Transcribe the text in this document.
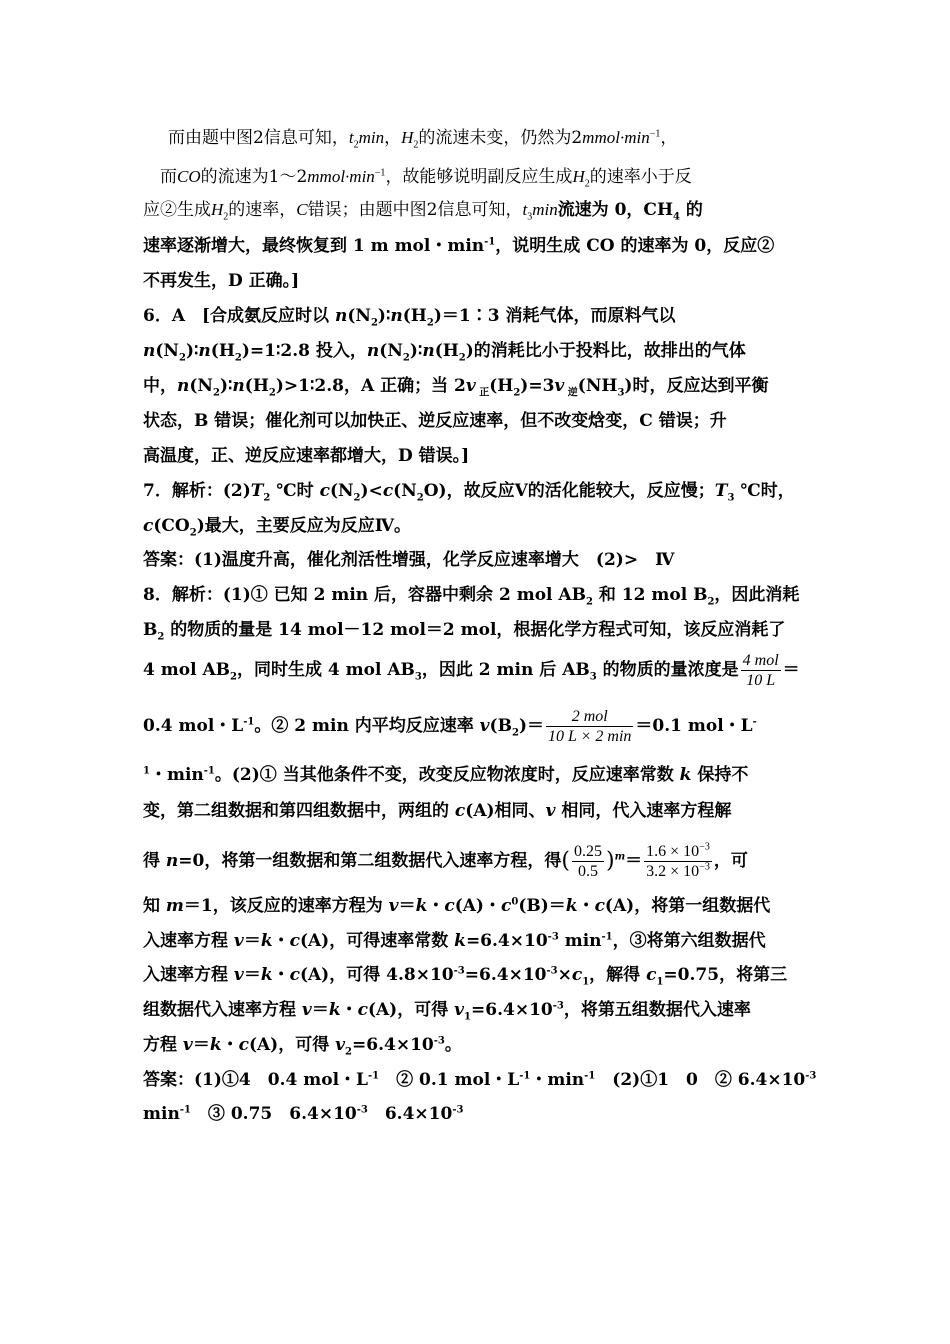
而由题中图2信息可知，$t_2\min$，$H_2$的流速未变，仍然为$2mmol\cdot\min^{-1}$，
而CO的流速为$1\sim 2mmol\cdot\min^{-1}$，故能够说明副反应生成$H_2$的速率小于反
应②生成$H_2$的速率，C错误；由题中图2信息可知，$t_3\min$流速为 0，$CH_4$ 的
速率逐渐增大，最终恢复到 1 m mol・$\min^{-1}$，说明生成 CO 的速率为 0，反应②
不再发生，D 正确。]
6．A　[合成氨反应时以 $n(N_2)∶n(H_2)=1∶3$ 消耗气体，而原料气以
$n(N_2)∶n(H_2)=1∶2.8$ 投入，$n(N_2)∶n(H_2)$的消耗比小于投料比，故排出的气体
中，$n(N_2)∶n(H_2)>1∶2.8$，A 正确；当 2v $_正(H_2)=3v$ $_逆(NH_3)$时，反应达到平衡
状态，B 错误；催化剂可以加快正、逆反应速率，但不改变焓变，C 错误；升
高温度，正、逆反应速率都增大，D 错误。]
7．解析：$(2)T_2$ ℃时 $c(N_2)<c(N_2O)$，故反应Ⅴ的活化能较大，反应慢；$T_3$ ℃时，
$c(CO_2)$最大，主要反应为反应Ⅳ。
答案：(1)温度升高，催化剂活性增强，化学反应速率增大　(2)>　Ⅳ
8．解析：(1)① 已知 2 min 后，容器中剩余 2 mol $AB_2$ 和 12 mol $B_2$，因此消耗
$B_2$ 的物质的量是 14 mol－12 mol＝2 mol，根据化学方程式可知，该反应消耗了
4 mol $AB_2$，同时生成 4 mol $AB_3$，因此 2 min 后 $AB_3$ 的物质的量浓度是 $\frac{\text{4 mol}}{10 L}$ ＝
0.4 mol・$L^{-1}$。② 2 min 内平均反应速率 $v(B_2)= \frac{\text{2 mol}}{10 L \times 2 \min} =0.1$ mol・L-
$^1$・$\min^{-1}$。(2)① 当其他条件不变，改变反应物浓度时，反应速率常数 k 保持不
变，第二组数据和第四组数据中，两组的 c(A)相同、v 相同，代入速率方程解
得 n=0，将第一组数据和第二组数据代入速率方程，得( $\frac{0.25}{0.5} )^m= \frac{1.6 \times 10^{-3}}{3.2 \times 10^{-3}}$ ，可
知 m＝1，该反应的速率方程为 v＝k・c(A)・$c^0(B)=k$・c(A)，将第一组数据代
入速率方程 v＝k・c(A)，可得速率常数 $k=6.4\times 10^{-3}$ $\min^{-1}$，③将第六组数据代
入速率方程 v＝k・c(A)，可得 $4.8\times 10^{-3}=6.4\times 10^{-3}\times c_1$，解得 $c_1=0.75$，将第三
组数据代入速率方程 v＝k・c(A)，可得 $v_1=6.4\times 10^{-3}$，将第五组数据代入速率
方程 v＝k・c(A)，可得 $v_2=6.4\times 10^{-3}$。
答案：(1)①4　0.4 mol・$L^{-1}$　② 0.1 mol・$L^{-1}$・$\min^{-1}$　(2)①1　0　② $6.4\times 10^{-3}$
$\min^{-1}$　③ 0.75　$6.4\times 10^{-3}$　$6.4\times 10^{-3}$
